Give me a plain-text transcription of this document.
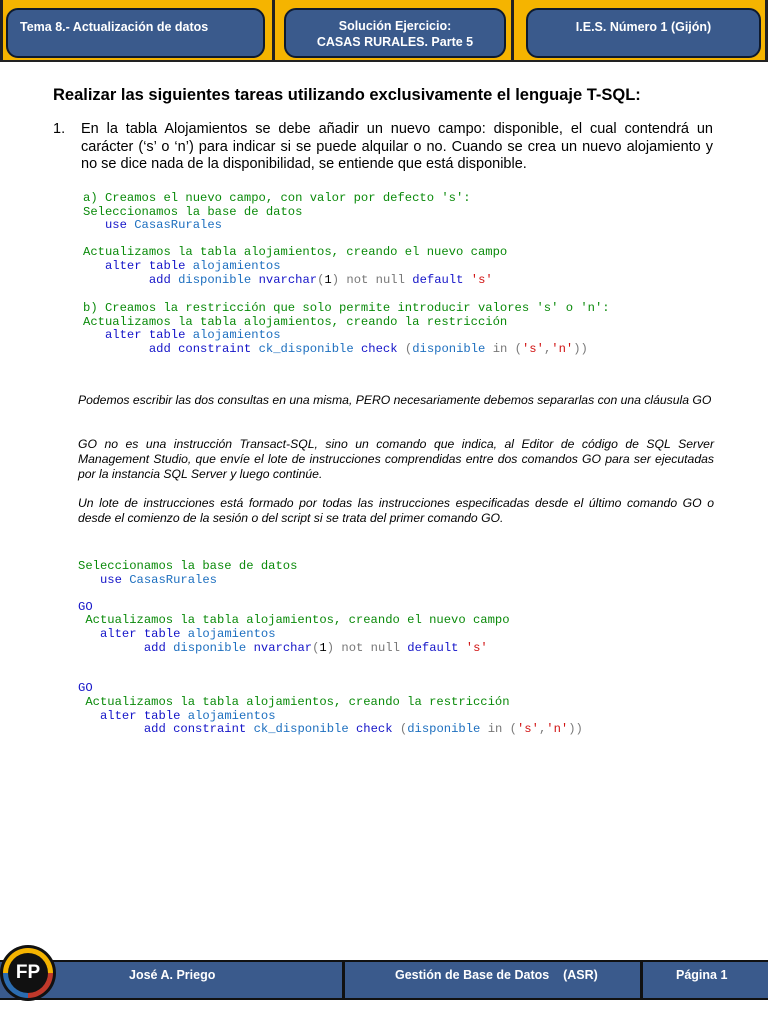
Tema 8.- Actualización de datos	Solución Ejercicio:
CASAS RURALES. Parte 5
I.E.S. Número 1 (Gijón)
Realizar las siguientes tareas utilizando exclusivamente el lenguaje T-SQL:
1. En la tabla Alojamientos se debe añadir un nuevo campo: disponible, el cual contendrá un carácter (‘s’ o ‘n’) para indicar si se puede alquilar o no. Cuando se crea un nuevo alojamiento y no se dice nada de la disponibilidad, se entiende que está disponible.
a) Creamos el nuevo campo, con valor por defecto 's':
Seleccionamos la base de datos
use CasasRurales

Actualizamos la tabla alojamientos, creando el nuevo campo
alter table alojamientos
add disponible nvarchar(1) not null default 's'
b) Creamos la restricción que solo permite introducir valores 's' o 'n':
Actualizamos la tabla alojamientos, creando la restricción
alter table alojamientos
add constraint ck_disponible check (disponible in ('s','n'))
Podemos escribir las dos consultas en una misma, PERO necesariamente debemos separarlas con una cláusula GO
GO no es una instrucción Transact-SQL, sino un comando que indica, al Editor de código de SQL Server Management Studio, que envíe el lote de instrucciones comprendidas entre dos comandos GO para ser ejecutadas por la instancia SQL Server y luego continúe.
Un lote de instrucciones está formado por todas las instrucciones especificadas desde el último comando GO o desde el comienzo de la sesión o del script si se trata del primer comando GO.
Seleccionamos la base de datos
use CasasRurales

GO
Actualizamos la tabla alojamientos, creando el nuevo campo
alter table alojamientos
add disponible nvarchar(1) not null default 's'

GO
Actualizamos la tabla alojamientos, creando la restricción
alter table alojamientos
add constraint ck_disponible check (disponible in ('s','n'))
José A. Priego	Gestión de Base de Datos    (ASR)	Página 1
FP
